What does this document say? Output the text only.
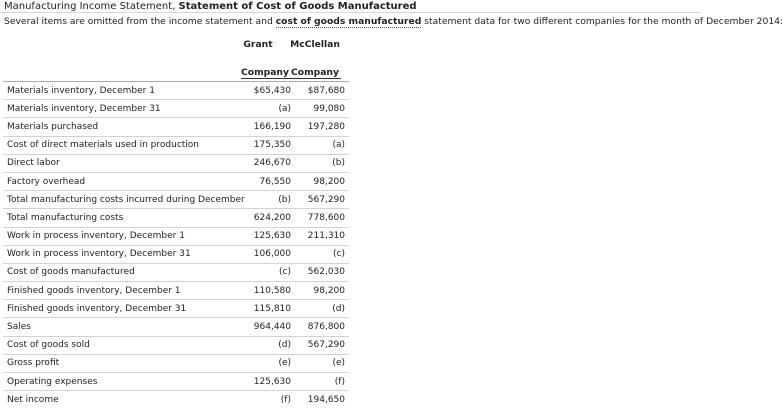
Manufacturing Income Statement, Statement of Cost of Goods Manufactured
Several items are omitted from the income statement and cost of goods manufactured statement data for two different companies for the month of December 2014:
Grant	McClellan
Company Company
Materials inventory, December 1	$65,430	$87,680
Materials inventory, December 31	(a)	99,080
Materials purchased	166,190	197,280
Cost of direct materials used in production	175,350	(a)
Direct labor	246,670	(b)
Factory overhead	76,550	98,200
Total manufacturing costs incurred during December	(b)	567,290
Total manufacturing costs	624,200	778,600
Work in process inventory, December 1	125,630	211,310
Work in process inventory, December 31	106,000	(c)
Cost of goods manufactured	(c)	562,030
Finished goods inventory, December 1	110,580	98,200
Finished goods inventory, December 31	115,810	(d)
Sales	964,440	876,800
Cost of goods sold	(d)	567,290
Gross profit	(e)	(e)
Operating expenses	125,630	(f)
Net income	(f)	194,650
